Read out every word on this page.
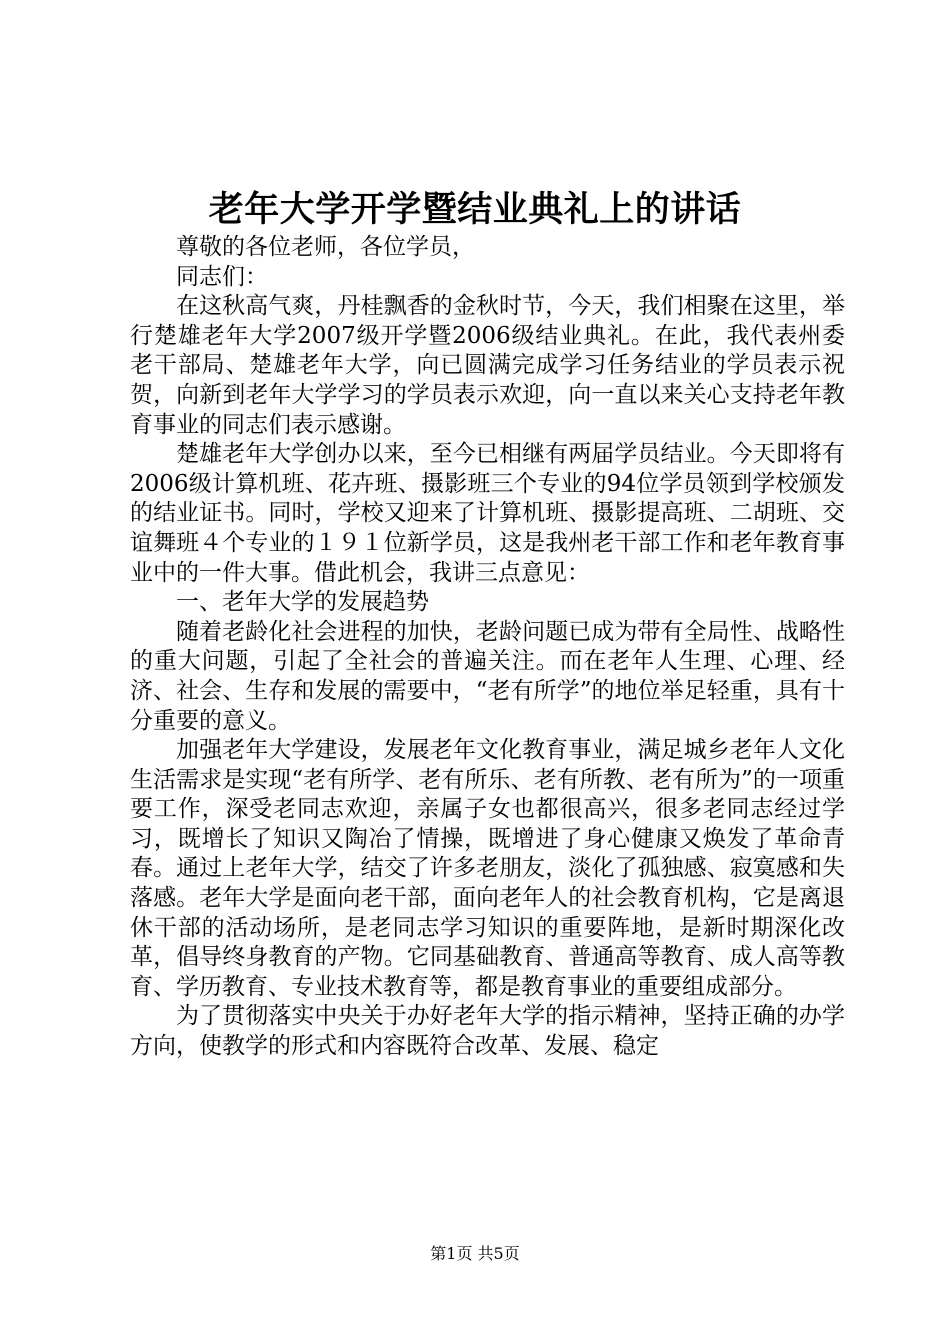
老年大学开学暨结业典礼上的讲话

尊敬的各位老师，各位学员，

同志们：

在这秋高气爽，丹桂飘香的金秋时节，今天，我们相聚在这里，举行楚雄老年大学2007级开学暨2006级结业典礼。在此，我代表州委老干部局、楚雄老年大学，向已圆满完成学习任务结业的学员表示祝贺，向新到老年大学学习的学员表示欢迎，向一直以来关心支持老年教育事业的同志们表示感谢。

楚雄老年大学创办以来，至今已相继有两届学员结业。今天即将有2006级计算机班、花卉班、摄影班三个专业的94位学员领到学校颁发的结业证书。同时，学校又迎来了计算机班、摄影提高班、二胡班、交谊舞班４个专业的１９１位新学员，这是我州老干部工作和老年教育事业中的一件大事。借此机会，我讲三点意见：

一、老年大学的发展趋势

随着老龄化社会进程的加快，老龄问题已成为带有全局性、战略性的重大问题，引起了全社会的普遍关注。而在老年人生理、心理、经济、社会、生存和发展的需要中，“老有所学”的地位举足轻重，具有十分重要的意义。

加强老年大学建设，发展老年文化教育事业，满足城乡老年人文化生活需求是实现“老有所学、老有所乐、老有所教、老有所为”的一项重要工作，深受老同志欢迎，亲属子女也都很高兴，很多老同志经过学习，既增长了知识又陶冶了情操，既增进了身心健康又焕发了革命青春。通过上老年大学，结交了许多老朋友，淡化了孤独感、寂寞感和失落感。老年大学是面向老干部，面向老年人的社会教育机构，它是离退休干部的活动场所，是老同志学习知识的重要阵地，是新时期深化改革，倡导终身教育的产物。它同基础教育、普通高等教育、成人高等教育、学历教育、专业技术教育等，都是教育事业的重要组成部分。

为了贯彻落实中央关于办好老年大学的指示精神，坚持正确的办学方向，使教学的形式和内容既符合改革、发展、稳定

第1页 共5页
